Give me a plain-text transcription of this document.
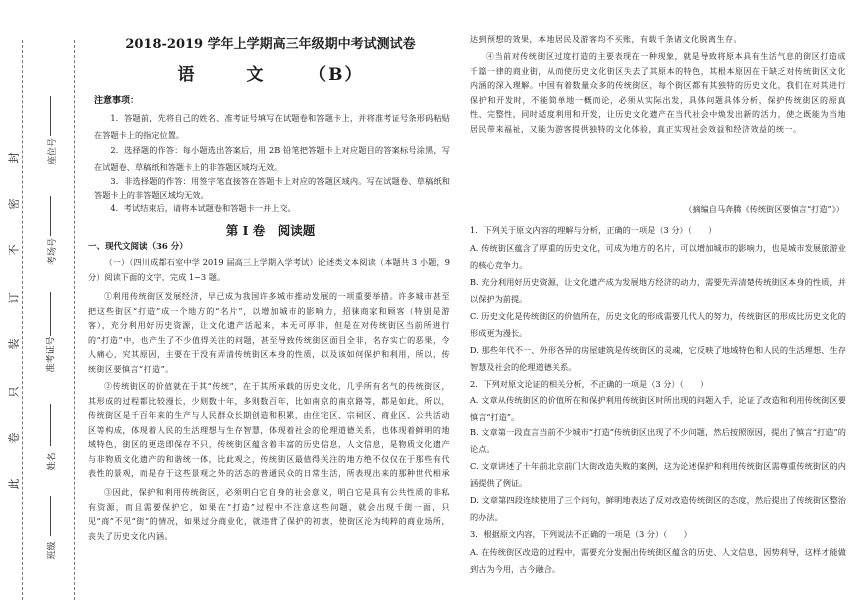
封
密
不
订
装
只
卷
此
座位号
考场号
准考证号
姓名
班级
2018-2019 学年上学期高三年级期中考试测试卷
语	文	（B）
注意事项：
1．答题前，先将自己的姓名、准考证号填写在试题卷和答题卡上，并将准考证号条形码粘贴在答题卡上的指定位置。
2．选择题的作答：每小题选出答案后，用 2B 铅笔把答题卡上对应题目的答案标号涂黑，写在试题卷、草稿纸和答题卡上的非答题区域均无效。
3．非选择题的作答：用签字笔直接答在答题卡上对应的答题区域内。写在试题卷、草稿纸和答题卡上的非答题区域均无效。
4．考试结束后，请将本试题卷和答题卡一并上交。
第 I 卷　阅读题
一、现代文阅读（36 分）
（一）（四川成都石室中学 2019 届高三上学期入学考试）论述类文本阅读（本题共 3 小题，9 分）阅读下面的文字，完成 1~3 题。
①利用传统街区发展经济，早已成为我国许多城市推动发展的一项重要举措。许多城市甚至把这些街区“打造”成一个地方的“名片”，以增加城市的影响力，招徕商家和顾客（特别是游客），充分利用好历史资源，让文化遗产活起来，本无可厚非，但是在对传统街区当前所进行的“打造”中，也产生了不少值得关注的问题，甚至导致传统街区面目全非，名存实亡的恶果，令人痛心，究其原因，主要在于没有弄清传统街区本身的性质，以及该如何保护和利用，所以，传统街区要慎言“打造”。
②传统街区的价值就在于其“传统”，在于其所承载的历史文化，几乎所有名气的传统街区，其形成的过程都比较漫长，少则数十年，多则数百年，比如南京的南京路等，都是如此，所以，传统街区是千百年来的生产与人民群众长期创造和积累，由住宅区、宗祠区、商业区、公共活动区等构成，体现着人民的生活理想与生存智慧，体现着社会的伦理道德关系，也体现着鲜明的地域特色，街区的更迭即保存不只，传统街区蕴含着丰富的历史信息，人文信息，是物质文化遗产与非物质文化遗产的和谐统一体，比此观之，传统街区最值得关注的地方绝不仅仅在于那些有代表性的景观，而是存于这些景观之外的活态的普通民众的日常生活，所表现出来的那种世代相承
③因此，保护和利用传统街区，必须明白它自身的社会意义，明白它是具有公共性质的非私有资源，而且需要保护它，如果在“打造”过程中不注意这些问题，就会出现千街一面，只见“商”不见“街”的情况，如果过分商业化，就违背了保护的初衷，使街区沦为纯粹的商业场所，丧失了历史文化内涵。
达到预想的效果，本地居民及游客均不买账，有载千条诸文化脱离生存。
④当前对传统街区过度打造的主要表现在一种现象，就是导致将原本具有生活气息的街区打造成千篇一律的商业街，从而使历史文化街区失去了其原本的特色，其根本原因在于缺乏对传统街区文化内涵的深入理解。中国有着数量众多的传统街区，每个街区都有其独特的历史文化，我们在对其进行保护和开发时，不能简单地一概而论，必须从实际出发，具体问题具体分析，保护传统街区的原真性、完整性，同时适度利用和开发，让历史文化遗产在当代社会中焕发出新的活力，使之既能为当地居民带来福祉，又能为游客提供独特的文化体验，真正实现社会效益和经济效益的统一。
（摘编自马奔腾《传统街区要慎言“打造”》）
1．下列关于原文内容的理解与分析，正确的一项是（3 分）（　　）
A. 传统街区蕴含了厚重的历史文化，可成为地方的名片，可以增加城市的影响力，也是城市发展旅游业的核心竞争力。
B. 充分利用好历史资源，让文化遗产成为发展地方经济的动力，需要先弄清楚传统街区本身的性质，并以保护为前提。
C. 历史文化是传统街区的价值所在，历史文化的形成需要几代人的努力，传统街区的形成比历史文化的形成更为漫长。
D. 那些年代不一、外形各异的房屋建筑是传统街区的灵魂，它反映了地域特色和人民的生活理想、生存智慧及社会的伦理道德关系。
2．下列对原文论证的相关分析，不正确的一项是（3 分）（　　）
A. 文章从传统街区的价值所在和保护利用传统街区时所出现的问题入手，论证了改造和利用传统街区要慎言“打造”。
B. 文章第一段直言当前不少城市“打造”传统街区出现了不少问题，然后按照原因，提出了慎言“打造”的论点。
C. 文章讲述了十年前北京前门大街改造失败的案例，这为论述保护和利用传统街区需尊重传统街区的内涵提供了例证。
D. 文章第四段连续使用了三个问句，鲜明地表达了反对改造传统街区的态度，然后提出了传统街区整治的办法。
3．根据原文内容，下列说法不正确的一项是（3 分）（　　）
A. 在传统街区改造的过程中，需要充分发掘出传统街区蕴含的历史、人文信息，因势利导，这样才能做到古为今用，古今融合。
